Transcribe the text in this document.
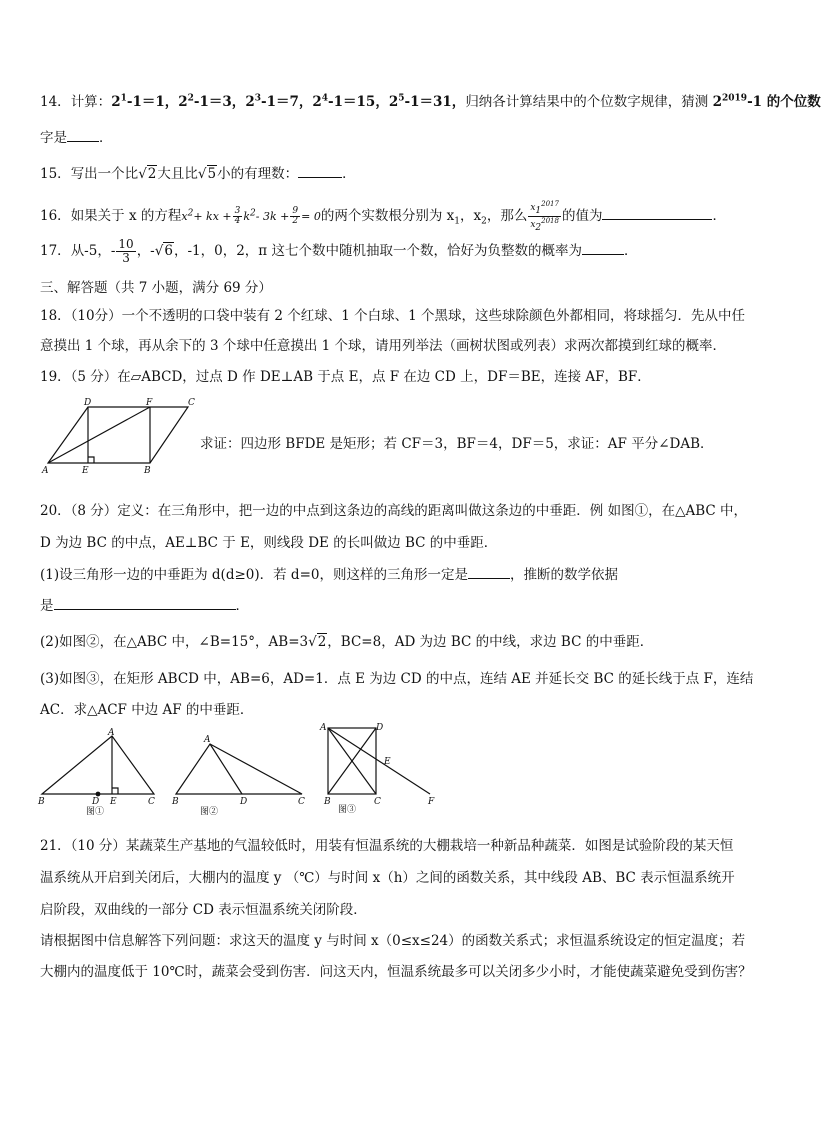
14．计算：$2^1-1=1$，$2^2-1=3$，$2^3-1=7$，$2^4-1=15$，$2^5-1=31$，归纳各计算结果中的个位数字规律，猜测 $2^{2019}-1$ 的个位数
字是 ．
15．写出一个比√2大且比√5小的有理数：	．
16．如果关于 x 的方程$x^2+$ kx + $\frac{3}{4} k^2-$ $3k + \frac{9}{2} = 0$的两个实数根分别为 $x_1$，$x_2$，那么 $\frac{x_1^{2017}}{x_2^{2018}}$ 的值为	．
17．从-5，- $\frac{10}{3}$ ，-√6，-1，0，2，π 这七个数中随机抽取一个数，恰好为负整数的概率为	．
三、解答题（共 7 小题，满分 69 分）
18．（10分）一个不透明的口袋中装有 2 个红球、1 个白球、1 个黑球，这些球除颜色外都相同，将球摇匀．先从中任
意摸出 1 个球，再从余下的 3 个球中任意摸出 1 个球，请用列举法（画树状图或列表）求两次都摸到红球的概率．
19．（5 分）在▱ABCD，过点 D 作 DE⊥AB 于点 E，点 F 在边 CD 上，DF＝BE，连接 AF，BF．
A	E	B
C
D	F
求证：四边形 BFDE 是矩形；若 CF＝3，BF＝4，DF＝5，求证：AF 平分∠DAB．
20．（8 分）定义：在三角形中，把一边的中点到这条边的高线的距离叫做这条边的中垂距．例 如图①，在△ABC 中，
D 为边 BC 的中点，AE⊥BC 于 E，则线段 DE 的长叫做边 BC 的中垂距．
(1)设三角形一边的中垂距为 d(d≥0)．若 d=0，则这样的三角形一定是	，推断的数学依据
是	．
(2)如图②，在△ABC 中，∠B=15°，AB=3√2，BC=8，AD 为边 BC 的中线，求边 BC 的中垂距．
(3)如图③，在矩形 ABCD 中，AB=6，AD=1．点 E 为边 CD 的中点，连结 AE 并延长交 BC 的延长线于点 F，连结
AC．求△ACF 中边 AF 的中垂距．
A
B	D E	C
图①
A
B	D	C
图②
A	D
E
B	C	F
图③
21．（10 分）某蔬菜生产基地的气温较低时，用装有恒温系统的大棚栽培一种新品种蔬菜．如图是试验阶段的某天恒
温系统从开启到关闭后，大棚内的温度 y （℃）与时间 x（h）之间的函数关系，其中线段 AB、BC 表示恒温系统开
启阶段，双曲线的一部分 CD 表示恒温系统关闭阶段．
请根据图中信息解答下列问题：求这天的温度 y 与时间 x（0≤x≤24）的函数关系式；求恒温系统设定的恒定温度；若
大棚内的温度低于 10℃时，蔬菜会受到伤害．问这天内，恒温系统最多可以关闭多少小时，才能使蔬菜避免受到伤害？
